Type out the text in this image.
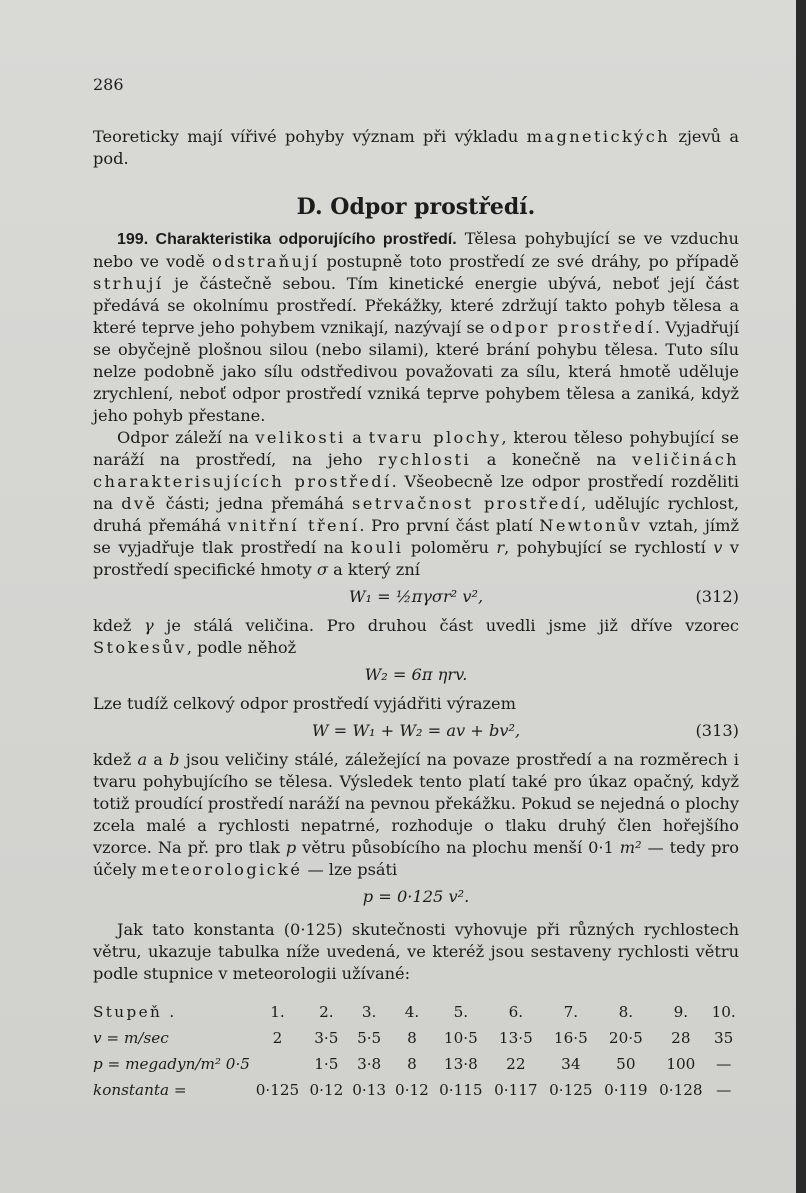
286

Teoreticky mají vířivé pohyby význam při výkladu magnetických zjevů a pod.

D. Odpor prostředí.

199. Charakteristika odporujícího prostředí. Tělesa pohybující se ve vzduchu nebo ve vodě odstraňují postupně toto prostředí ze své dráhy, po případě strhují je částečně sebou. Tím kinetické energie ubývá, neboť její část předává se okolnímu prostředí. Překážky, které zdržují takto pohyb tělesa a které teprve jeho pohybem vznikají, nazývají se odpor prostředí. Vyjadřují se obyčejně plošnou silou (nebo silami), které brání pohybu tělesa. Tuto sílu nelze podobně jako sílu odstředivou považovati za sílu, která hmotě uděluje zrychlení, neboť odpor prostředí vzniká teprve pohybem tělesa a zaniká, když jeho pohyb přestane.

Odpor záleží na velikosti a tvaru plochy, kterou těleso pohybující se naráží na prostředí, na jeho rychlosti a konečně na veličinách charakterisujících prostředí. Všeobecně lze odpor prostředí rozděliti na dvě části; jedna přemáhá setrvačnost prostředí, udělujíc rychlost, druhá přemáhá vnitřní tření. Pro první část platí Newtonův vztah, jímž se vyjadřuje tlak prostředí na kouli poloměru r, pohybující se rychlostí v v prostředí specifické hmoty σ a který zní

W₁ = ½πγσr² v²,	(312)

kdež γ je stálá veličina. Pro druhou část uvedli jsme již dříve vzorec Stokesův, podle něhož

W₂ = 6π ηrv.

Lze tudíž celkový odpor prostředí vyjádřiti výrazem

W = W₁ + W₂ = av + bv²,	(313)

kdež a a b jsou veličiny stálé, záležející na povaze prostředí a na rozměrech i tvaru pohybujícího se tělesa. Výsledek tento platí také pro úkaz opačný, když totiž proudící prostředí naráží na pevnou překážku. Pokud se nejedná o plochy zcela malé a rychlosti nepatrné, rozhoduje o tlaku druhý člen hořejšího vzorce. Na př. pro tlak p větru působícího na plochu menší 0·1 m² — tedy pro účely meteorologické — lze psáti

p = 0·125 v².

Jak tato konstanta (0·125) skutečnosti vyhovuje při různých rychlostech větru, ukazuje tabulka níže uvedená, ve kteréž jsou sestaveny rychlosti větru podle stupnice v meteorologii užívané:

Stupeň .	1.	2.	3.	4.	5.	6.	7.	8.	9.	10.
v = m/sec	2	3·5	5·5	8	10·5	13·5	16·5	20·5	28	35
p = megadyn/m² 0·5		1·5	3·8	8	13·8	22	34	50	100	—
konstanta =	0·125	0·12	0·13	0·12	0·115	0·117	0·125	0·119	0·128	—
